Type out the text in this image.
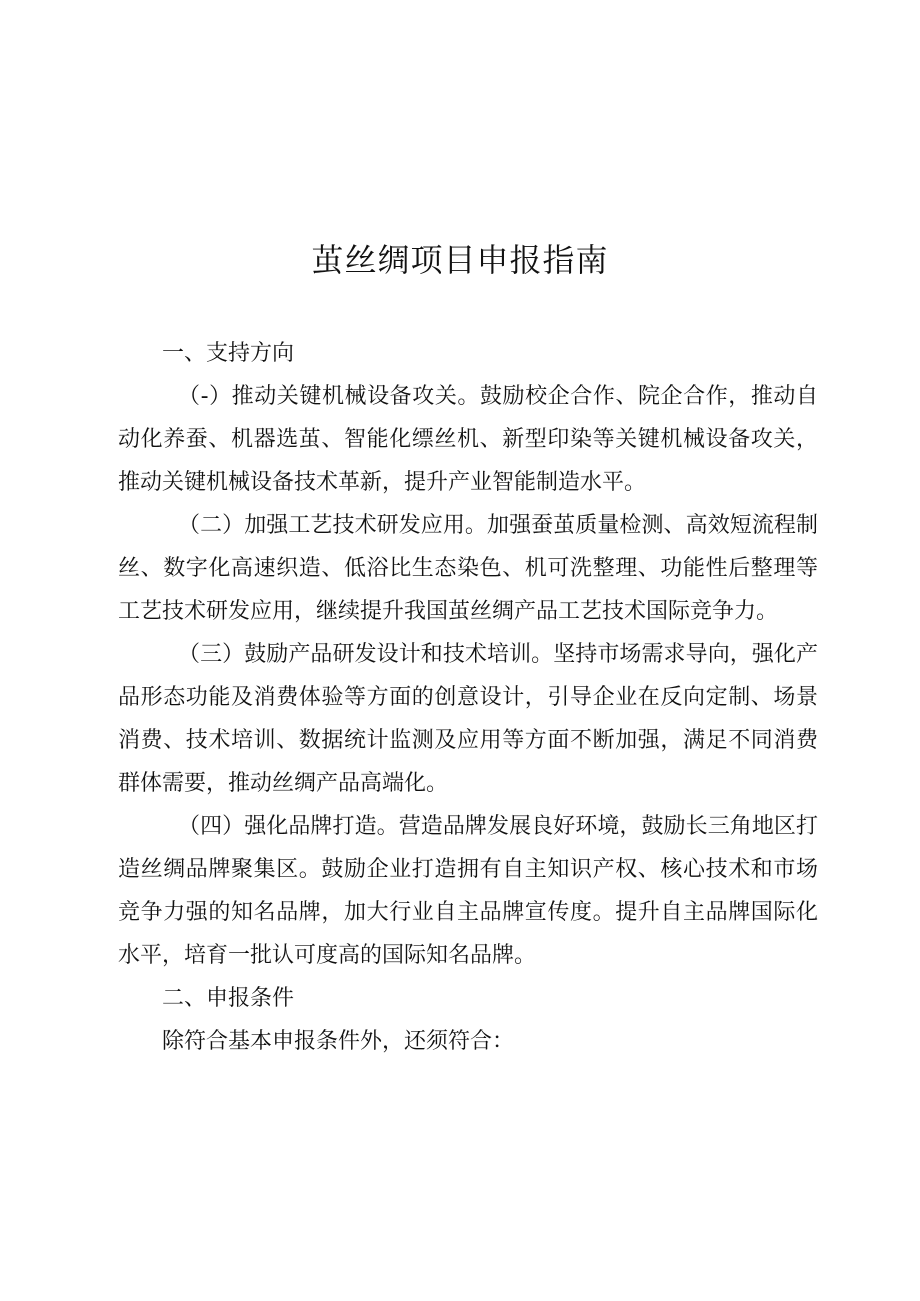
茧丝绸项目申报指南
一、支持方向

（-）推动关键机械设备攻关。鼓励校企合作、院企合作，推动自动化养蚕、机器选茧、智能化缥丝机、新型印染等关键机械设备攻关，推动关键机械设备技术革新，提升产业智能制造水平。

（二）加强工艺技术研发应用。加强蚕茧质量检测、高效短流程制丝、数字化高速织造、低浴比生态染色、机可洗整理、功能性后整理等工艺技术研发应用，继续提升我国茧丝绸产品工艺技术国际竞争力。

（三）鼓励产品研发设计和技术培训。坚持市场需求导向，强化产品形态功能及消费体验等方面的创意设计，引导企业在反向定制、场景消费、技术培训、数据统计监测及应用等方面不断加强，满足不同消费群体需要，推动丝绸产品高端化。

（四）强化品牌打造。营造品牌发展良好环境，鼓励长三角地区打造丝绸品牌聚集区。鼓励企业打造拥有自主知识产权、核心技术和市场竞争力强的知名品牌，加大行业自主品牌宣传度。提升自主品牌国际化水平，培育一批认可度高的国际知名品牌。

二、申报条件

除符合基本申报条件外，还须符合：
